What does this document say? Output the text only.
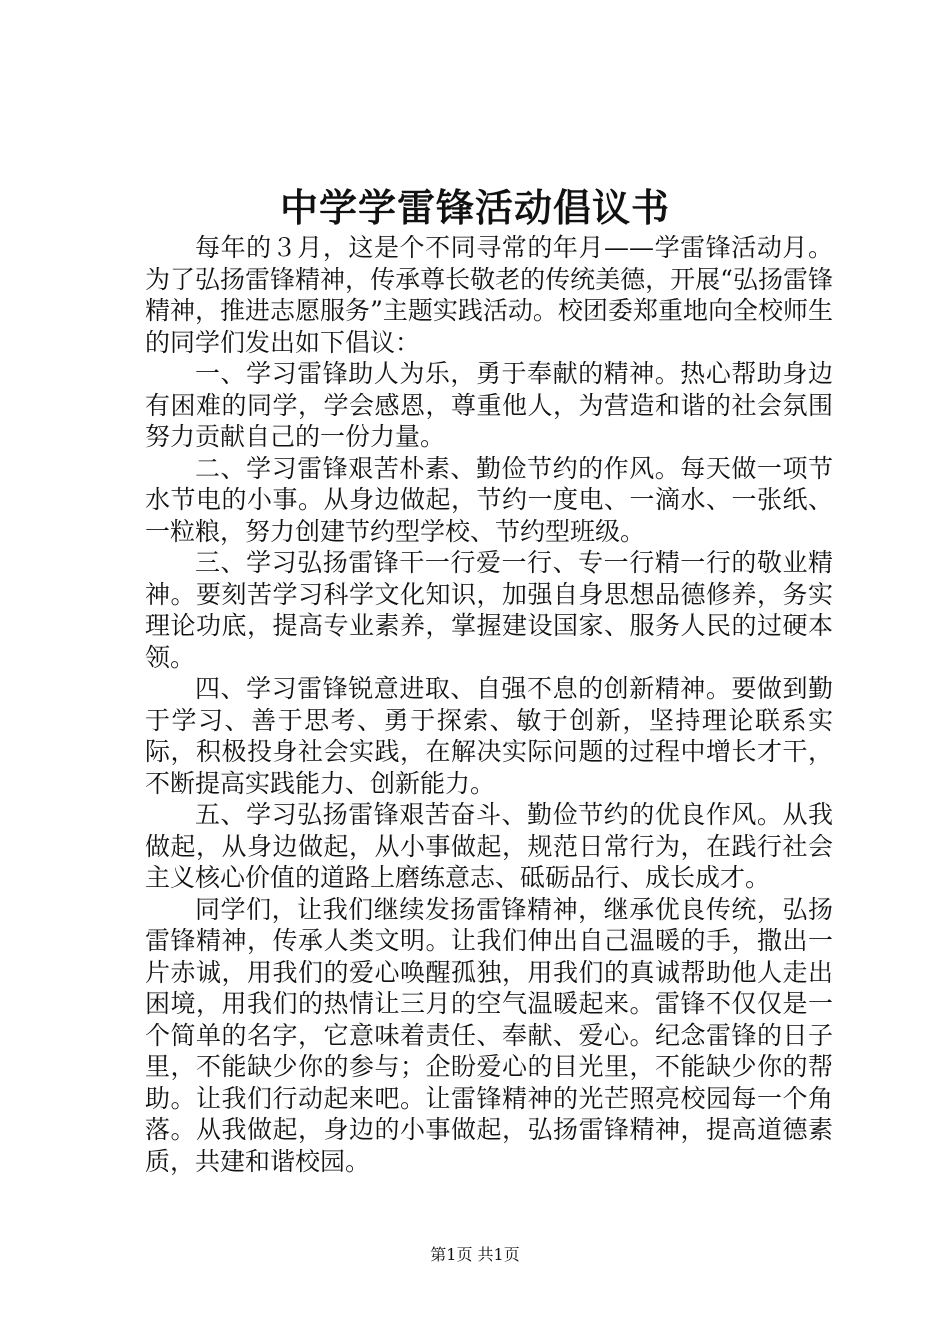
中学学雷锋活动倡议书

每年的３月，这是个不同寻常的年月——学雷锋活动月。为了弘扬雷锋精神，传承尊长敬老的传统美德，开展“弘扬雷锋精神，推进志愿服务”主题实践活动。校团委郑重地向全校师生的同学们发出如下倡议：

一、学习雷锋助人为乐，勇于奉献的精神。热心帮助身边有困难的同学，学会感恩，尊重他人，为营造和谐的社会氛围努力贡献自己的一份力量。

二、学习雷锋艰苦朴素、勤俭节约的作风。每天做一项节水节电的小事。从身边做起，节约一度电、一滴水、一张纸、一粒粮，努力创建节约型学校、节约型班级。

三、学习弘扬雷锋干一行爱一行、专一行精一行的敬业精神。要刻苦学习科学文化知识，加强自身思想品德修养，务实理论功底，提高专业素养，掌握建设国家、服务人民的过硬本领。

四、学习雷锋锐意进取、自强不息的创新精神。要做到勤于学习、善于思考、勇于探索、敏于创新，坚持理论联系实际，积极投身社会实践，在解决实际问题的过程中增长才干，不断提高实践能力、创新能力。

五、学习弘扬雷锋艰苦奋斗、勤俭节约的优良作风。从我做起，从身边做起，从小事做起，规范日常行为，在践行社会主义核心价值的道路上磨练意志、砥砺品行、成长成才。

同学们，让我们继续发扬雷锋精神，继承优良传统，弘扬雷锋精神，传承人类文明。让我们伸出自己温暖的手，撒出一片赤诚，用我们的爱心唤醒孤独，用我们的真诚帮助他人走出困境，用我们的热情让三月的空气温暖起来。雷锋不仅仅是一个简单的名字，它意味着责任、奉献、爱心。纪念雷锋的日子里，不能缺少你的参与；企盼爱心的目光里，不能缺少你的帮助。让我们行动起来吧。让雷锋精神的光芒照亮校园每一个角落。从我做起，身边的小事做起，弘扬雷锋精神，提高道德素质，共建和谐校园。

第1页 共1页
